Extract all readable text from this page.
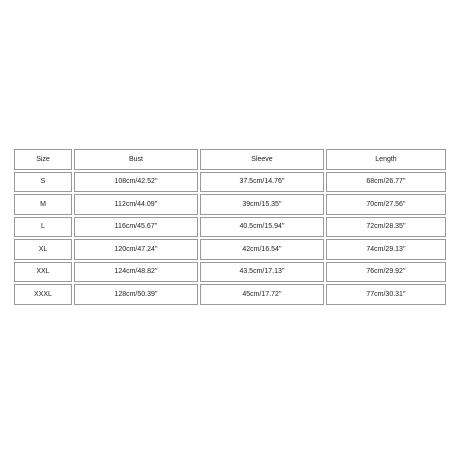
Size	Bust	Sleeve	Length
S	108cm/42.52''	37.5cm/14.76''	68cm/26.77''
M	112cm/44.09''	39cm/15.35''	70cm/27.56''
L	116cm/45.67''	40.5cm/15.94''	72cm/28.35''
XL	120cm/47.24''	42cm/16.54''	74cm/29.13''
XXL	124cm/48.82''	43.5cm/17.13''	76cm/29.92''
XXXL	128cm/50.39''	45cm/17.72''	77cm/30.31''
